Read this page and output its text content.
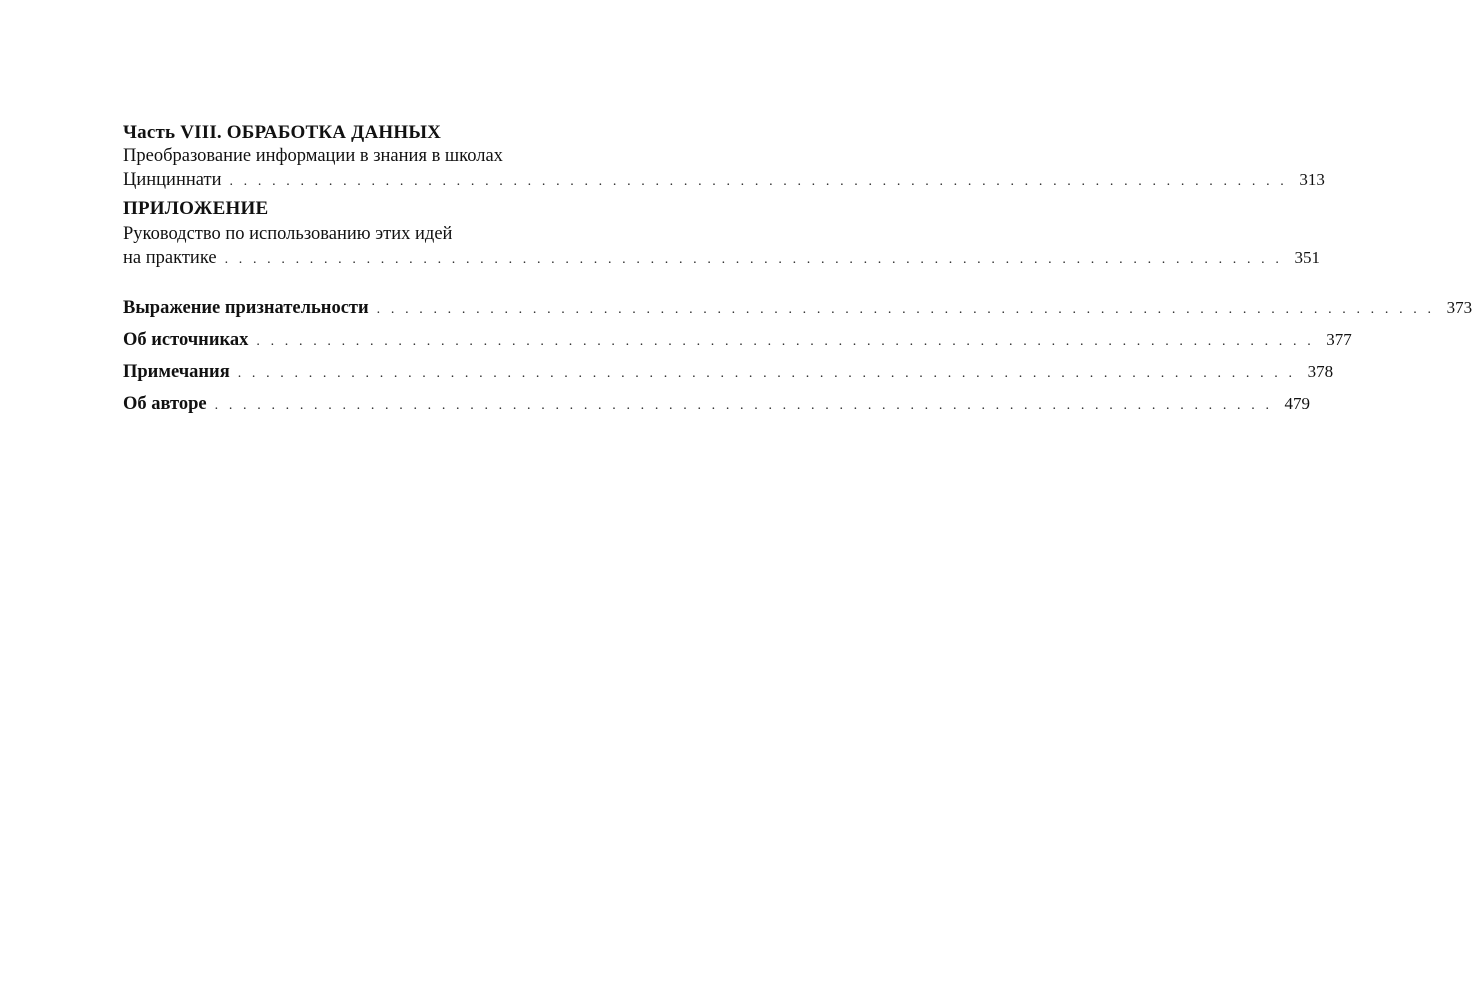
Часть VIII. ОБРАБОТКА ДАННЫХ
Преобразование информации в знания в школах
Цинциннати . . . . . . . . . . . . . . . . . . . . . . . . . . . . . . . . . . . . . . . . . . . . . . . . . . . . . . . . . . . . . . . . . . . . . . . . . . . 313
ПРИЛОЖЕНИЕ
Руководство по использованию этих идей
на практике . . . . . . . . . . . . . . . . . . . . . . . . . . . . . . . . . . . . . . . . . . . . . . . . . . . . . . . . . . . . . . . . . . . . . . . . . . . 351
Выражение признательности . . . . . . . . . . . . . . . . . . . . . . . . . . . . . . . . . . . . . . . . . . . . . . . . . . . . . . . . . . . . . . . . . . . . . . . . . . . 373
Об источниках . . . . . . . . . . . . . . . . . . . . . . . . . . . . . . . . . . . . . . . . . . . . . . . . . . . . . . . . . . . . . . . . . . . . . . . . . . . 377
Примечания . . . . . . . . . . . . . . . . . . . . . . . . . . . . . . . . . . . . . . . . . . . . . . . . . . . . . . . . . . . . . . . . . . . . . . . . . . . 378
Об авторе . . . . . . . . . . . . . . . . . . . . . . . . . . . . . . . . . . . . . . . . . . . . . . . . . . . . . . . . . . . . . . . . . . . . . . . . . . . 479
